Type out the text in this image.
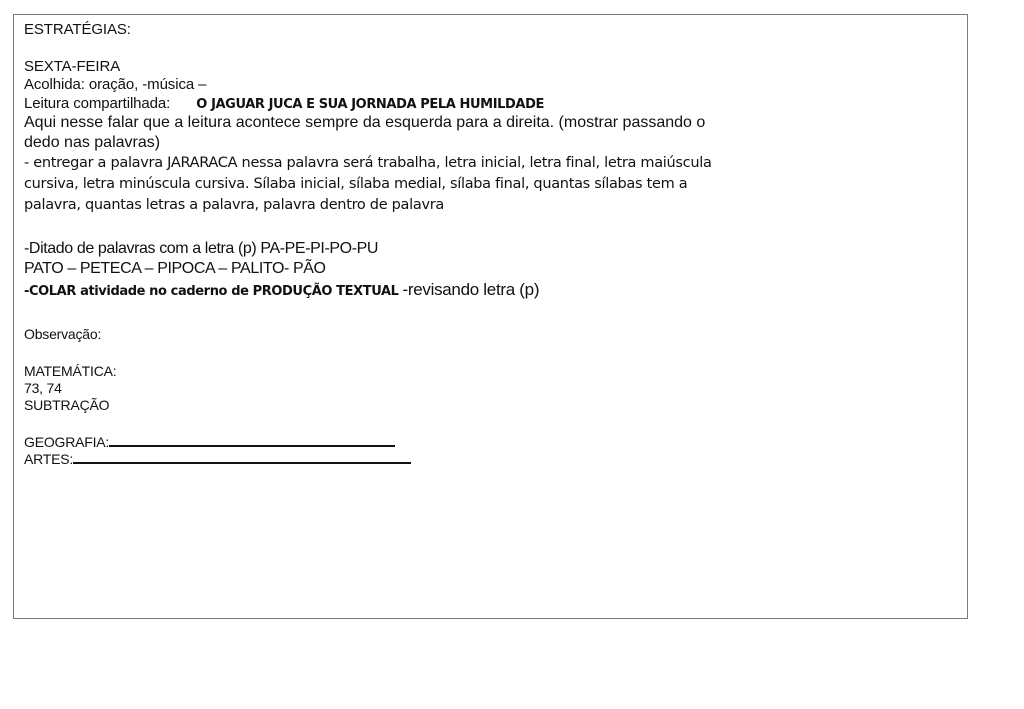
ESTRATÉGIAS:
SEXTA-FEIRA
Acolhida: oração, -música –
Leitura compartilhada: O JAGUAR JUCA E SUA JORNADA PELA HUMILDADE
Aqui nesse falar que a leitura acontece sempre da esquerda para a direita. (mostrar passando o
dedo nas palavras)
- entregar a palavra JARARACA nessa palavra será trabalha, letra inicial, letra final, letra maiúscula
cursiva, letra minúscula cursiva. Sílaba inicial, sílaba medial, sílaba final, quantas sílabas tem a
palavra, quantas letras a palavra, palavra dentro de palavra
-Ditado de palavras com a letra (p) PA-PE-PI-PO-PU
PATO – PETECA – PIPOCA – PALITO- PÃO
-COLAR atividade no caderno de PRODUÇÃO TEXTUAL -revisando letra (p)
Observação:
MATEMÁTICA:
73, 74
SUBTRAÇÃO
GEOGRAFIA:
ARTES:
